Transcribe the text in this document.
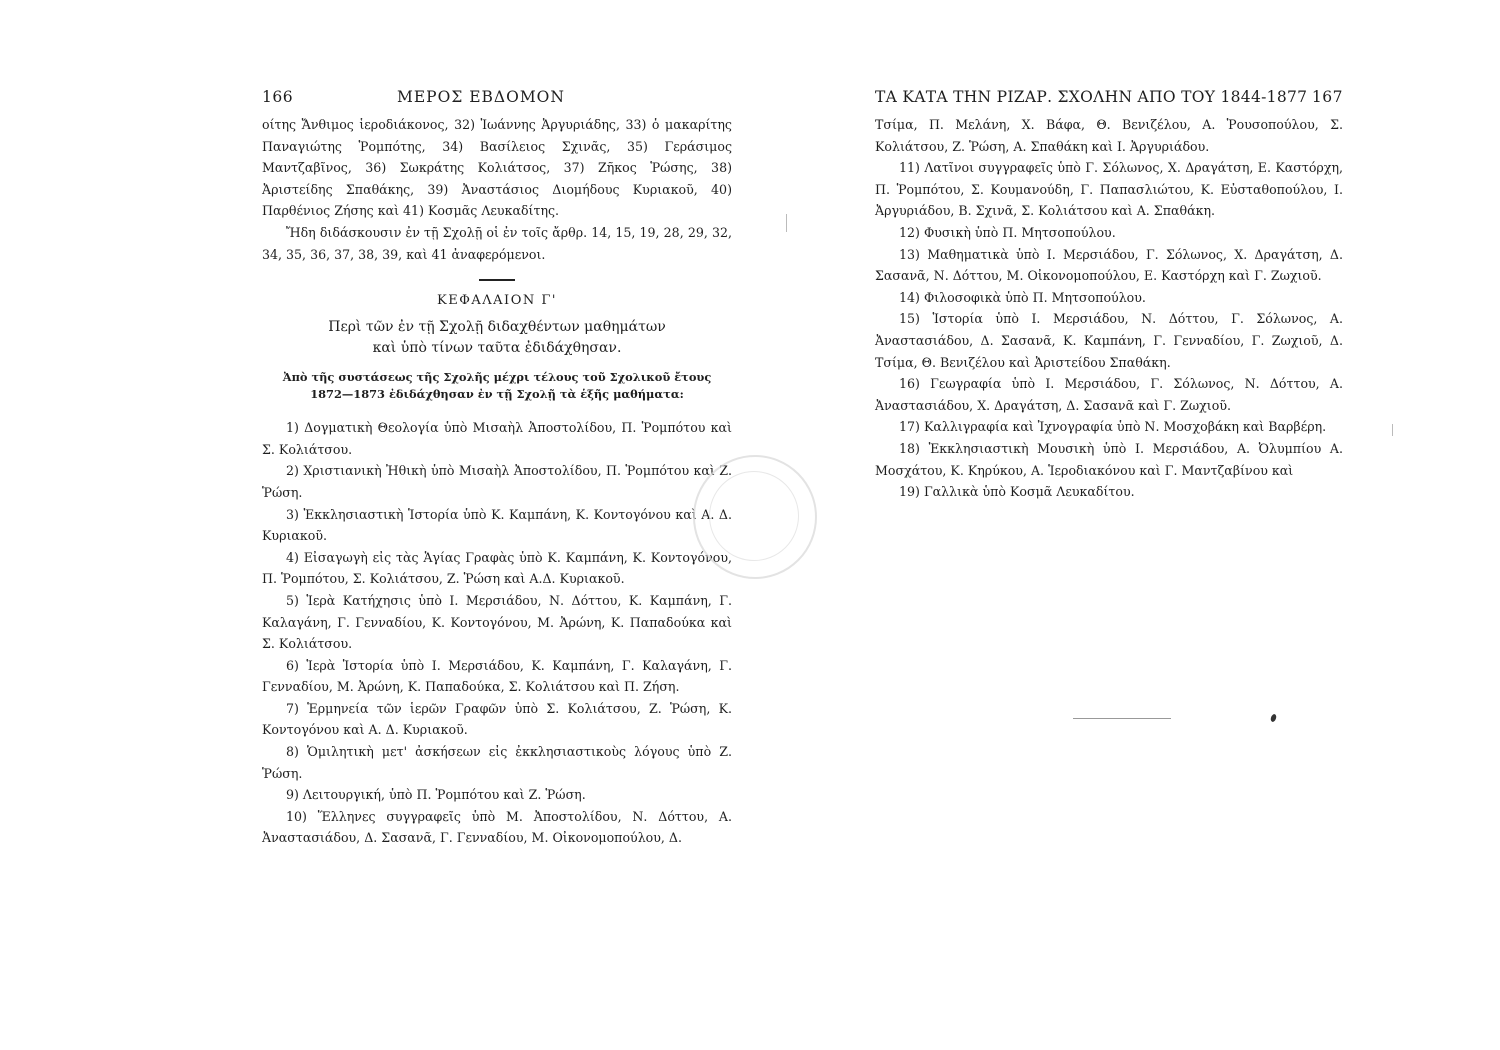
166	ΜΕΡΟΣ ΕΒΔΟΜΟΝ

οίτης Ἄνθιμος ἱεροδιάκονος, 32) Ἰωάννης Ἀργυριάδης, 33) ὁ μακαρίτης Παναγιώτης Ῥομπότης, 34) Βασίλειος Σχινᾶς, 35) Γεράσιμος Μαντζαβῖνος, 36) Σωκράτης Κολιάτσος, 37) Ζῆκος Ῥώσης, 38) Ἀριστείδης Σπαθάκης, 39) Ἀναστάσιος Διομήδους Κυριακοῦ, 40) Παρθένιος Ζήσης καὶ 41) Κοσμᾶς Λευκαδίτης.

Ἤδη διδάσκουσιν ἐν τῇ Σχολῇ οἱ ἐν τοῖς ἄρθρ. 14, 15, 19, 28, 29, 32, 34, 35, 36, 37, 38, 39, καὶ 41 ἀναφερόμενοι.

ΚΕΦΑΛΑΙΟΝ Γ'
Περὶ τῶν ἐν τῇ Σχολῇ διδαχθέντων μαθημάτων
καὶ ὑπὸ τίνων ταῦτα ἐδιδάχθησαν.
Ἀπὸ τῆς συστάσεως τῆς Σχολῆς μέχρι τέλους τοῦ Σχολικοῦ ἔτους 1872—1873 ἐδιδάχθησαν ἐν τῇ Σχολῇ τὰ ἑξῆς μαθήματα:

1) Δογματικὴ Θεολογία ὑπὸ Μισαὴλ Ἀποστολίδου, Π. Ῥομπότου καὶ Σ. Κολιάτσου.

2) Χριστιανικὴ Ἠθικὴ ὑπὸ Μισαὴλ Ἀποστολίδου, Π. Ῥομπότου καὶ Ζ. Ῥώση.

3) Ἐκκλησιαστικὴ Ἱστορία ὑπὸ Κ. Καμπάνη, Κ. Κοντογόνου καὶ Α. Δ. Κυριακοῦ.

4) Εἰσαγωγὴ εἰς τὰς Ἁγίας Γραφὰς ὑπὸ Κ. Καμπάνη, Κ. Κοντογόνου, Π. Ῥομπότου, Σ. Κολιάτσου, Ζ. Ῥώση καὶ Α.Δ. Κυριακοῦ.

5) Ἱερὰ Κατήχησις ὑπὸ Ι. Μερσιάδου, Ν. Δόττου, Κ. Καμπάνη, Γ. Καλαγάνη, Γ. Γενναδίου, Κ. Κοντογόνου, Μ. Ἀρώνη, Κ. Παπαδούκα καὶ Σ. Κολιάτσου.

6) Ἱερὰ Ἱστορία ὑπὸ Ι. Μερσιάδου, Κ. Καμπάνη, Γ. Καλαγάνη, Γ. Γενναδίου, Μ. Ἀρώνη, Κ. Παπαδούκα, Σ. Κολιάτσου καὶ Π. Ζήση.

7) Ἑρμηνεία τῶν ἱερῶν Γραφῶν ὑπὸ Σ. Κολιάτσου, Ζ. Ῥώση, Κ. Κοντογόνου καὶ Α. Δ. Κυριακοῦ.

8) Ὁμιλητικὴ μετ' ἀσκήσεων εἰς ἐκκλησιαστικοὺς λόγους ὑπὸ Ζ. Ῥώση.

9) Λειτουργική, ὑπὸ Π. Ῥομπότου καὶ Ζ. Ῥώση.

10) Ἕλληνες συγγραφεῖς ὑπὸ Μ. Ἀποστολίδου, Ν. Δόττου, Α. Ἀναστασιάδου, Δ. Σασανᾶ, Γ. Γενναδίου, Μ. Οἰκονομοπούλου, Δ.

ΤΑ ΚΑΤΑ ΤΗΝ ΡΙΖΑΡ. ΣΧΟΛΗΝ ΑΠΟ ΤΟΥ 1844-1877 167

Τσίμα, Π. Μελάνη, Χ. Βάφα, Θ. Βενιζέλου, Α. Ῥουσοπούλου, Σ. Κολιάτσου, Ζ. Ῥώση, Α. Σπαθάκη καὶ Ι. Ἀργυριάδου.

11) Λατῖνοι συγγραφεῖς ὑπὸ Γ. Σόλωνος, Χ. Δραγάτση, Ε. Καστόρχη, Π. Ῥομπότου, Σ. Κουμανούδη, Γ. Παπασλιώτου, Κ. Εὐσταθοπούλου, Ι. Ἀργυριάδου, Β. Σχινᾶ, Σ. Κολιάτσου καὶ Α. Σπαθάκη.

12) Φυσικὴ ὑπὸ Π. Μητσοπούλου.

13) Μαθηματικὰ ὑπὸ Ι. Μερσιάδου, Γ. Σόλωνος, Χ. Δραγάτση, Δ. Σασανᾶ, Ν. Δόττου, Μ. Οἰκονομοπούλου, Ε. Καστόρχη καὶ Γ. Ζωχιοῦ.

14) Φιλοσοφικὰ ὑπὸ Π. Μητσοπούλου.

15) Ἱστορία ὑπὸ Ι. Μερσιάδου, Ν. Δόττου, Γ. Σόλωνος, Α. Ἀναστασιάδου, Δ. Σασανᾶ, Κ. Καμπάνη, Γ. Γενναδίου, Γ. Ζωχιοῦ, Δ. Τσίμα, Θ. Βενιζέλου καὶ Ἀριστείδου Σπαθάκη.

16) Γεωγραφία ὑπὸ Ι. Μερσιάδου, Γ. Σόλωνος, Ν. Δόττου, Α. Ἀναστασιάδου, Χ. Δραγάτση, Δ. Σασανᾶ καὶ Γ. Ζωχιοῦ.

17) Καλλιγραφία καὶ Ἰχνογραφία ὑπὸ Ν. Μοσχοβάκη καὶ Βαρβέρη.

18) Ἐκκλησιαστικὴ Μουσικὴ ὑπὸ Ι. Μερσιάδου, Α. Ὀλυμπίου Α. Μοσχάτου, Κ. Κηρύκου, Α. Ἱεροδιακόνου καὶ Γ. Μαντζαβίνου καὶ

19) Γαλλικὰ ὑπὸ Κοσμᾶ Λευκαδίτου.
